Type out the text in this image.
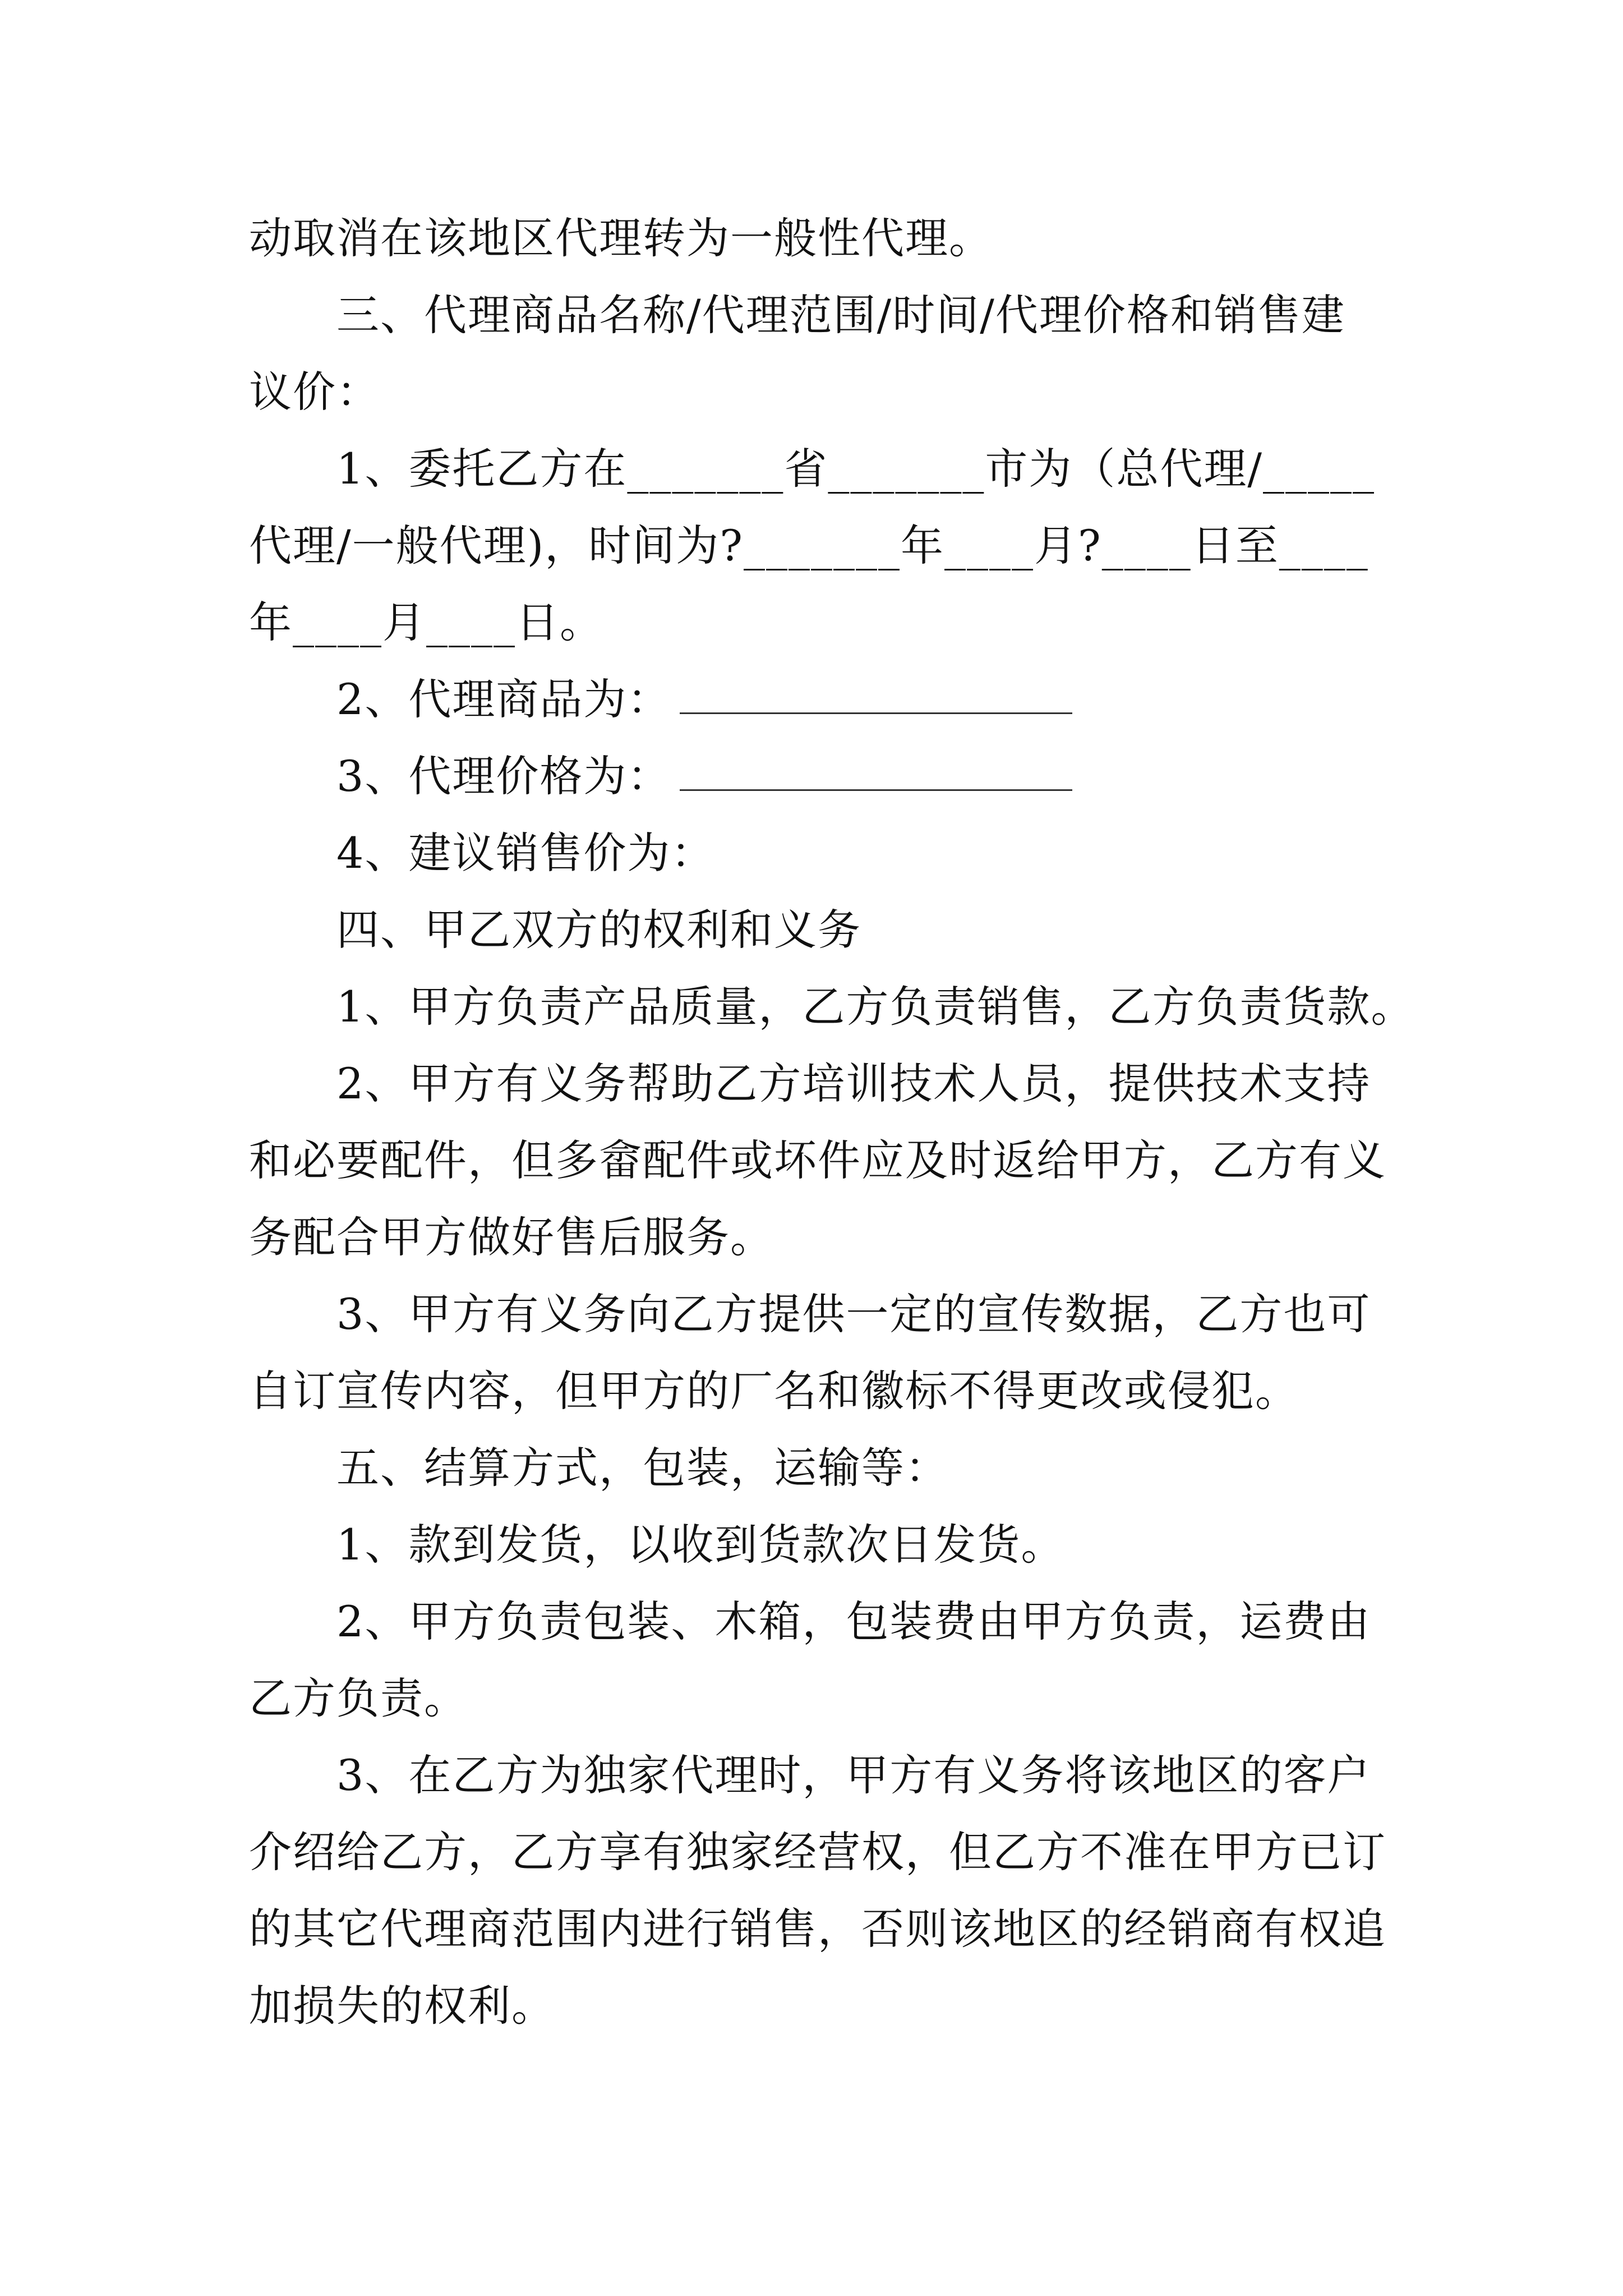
动取消在该地区代理转为一般性代理。
三、代理商品名称/代理范围/时间/代理价格和销售建
议价：
1、委托乙方在_______省_______市为（总代理/_____
代理/一般代理)，时间为?_______年____月?____日至____
年____月____日。
2、代理商品为：
3、代理价格为：
4、建议销售价为：
四、甲乙双方的权利和义务
1、甲方负责产品质量，乙方负责销售，乙方负责货款。
2、甲方有义务帮助乙方培训技术人员，提供技术支持
和必要配件，但多畲配件或坏件应及时返给甲方，乙方有义
务配合甲方做好售后服务。
3、甲方有义务向乙方提供一定的宣传数据，乙方也可
自订宣传内容，但甲方的厂名和徽标不得更改或侵犯。
五、结算方式，包装，运输等：
1、款到发货，以收到货款次日发货。
2、甲方负责包装、木箱，包装费由甲方负责，运费由
乙方负责。
3、在乙方为独家代理时，甲方有义务将该地区的客户
介绍给乙方，乙方享有独家经营权，但乙方不准在甲方已订
的其它代理商范围内进行销售，否则该地区的经销商有权追
加损失的权利。
